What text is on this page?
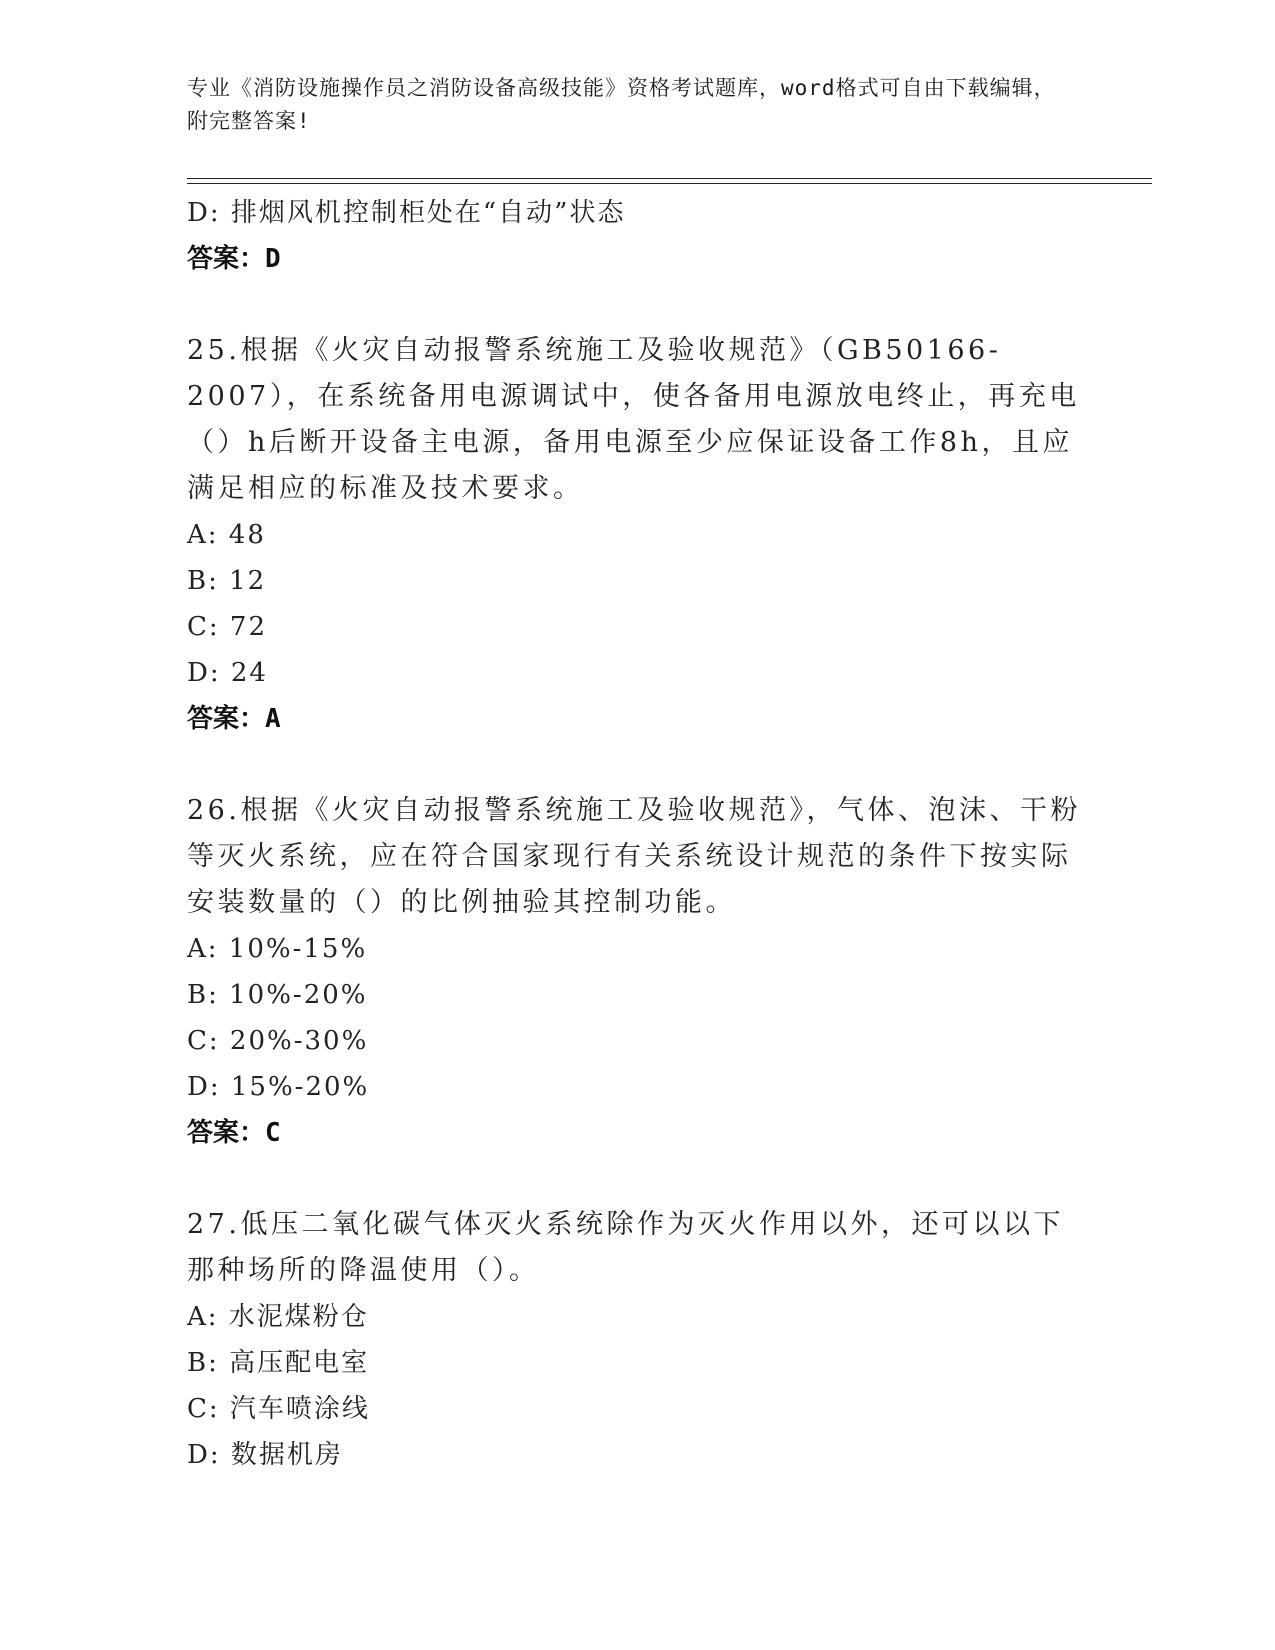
专业《消防设施操作员之消防设备高级技能》资格考试题库，word格式可自由下载编辑，附完整答案!
D: 排烟风机控制柜处在“自动”状态
答案：D
25.根据《火灾自动报警系统施工及验收规范》（GB50166-2007），在系统备用电源调试中，使各备用电源放电终止，再充电（）h后断开设备主电源，备用电源至少应保证设备工作8h，且应满足相应的标准及技术要求。
A: 48
B: 12
C: 72
D: 24
答案：A
26.根据《火灾自动报警系统施工及验收规范》，气体、泡沫、干粉等灭火系统，应在符合国家现行有关系统设计规范的条件下按实际安装数量的（）的比例抽验其控制功能。
A: 10%-15%
B: 10%-20%
C: 20%-30%
D: 15%-20%
答案：C
27.低压二氧化碳气体灭火系统除作为灭火作用以外，还可以以下那种场所的降温使用（）。
A: 水泥煤粉仓
B: 高压配电室
C: 汽车喷涂线
D: 数据机房
